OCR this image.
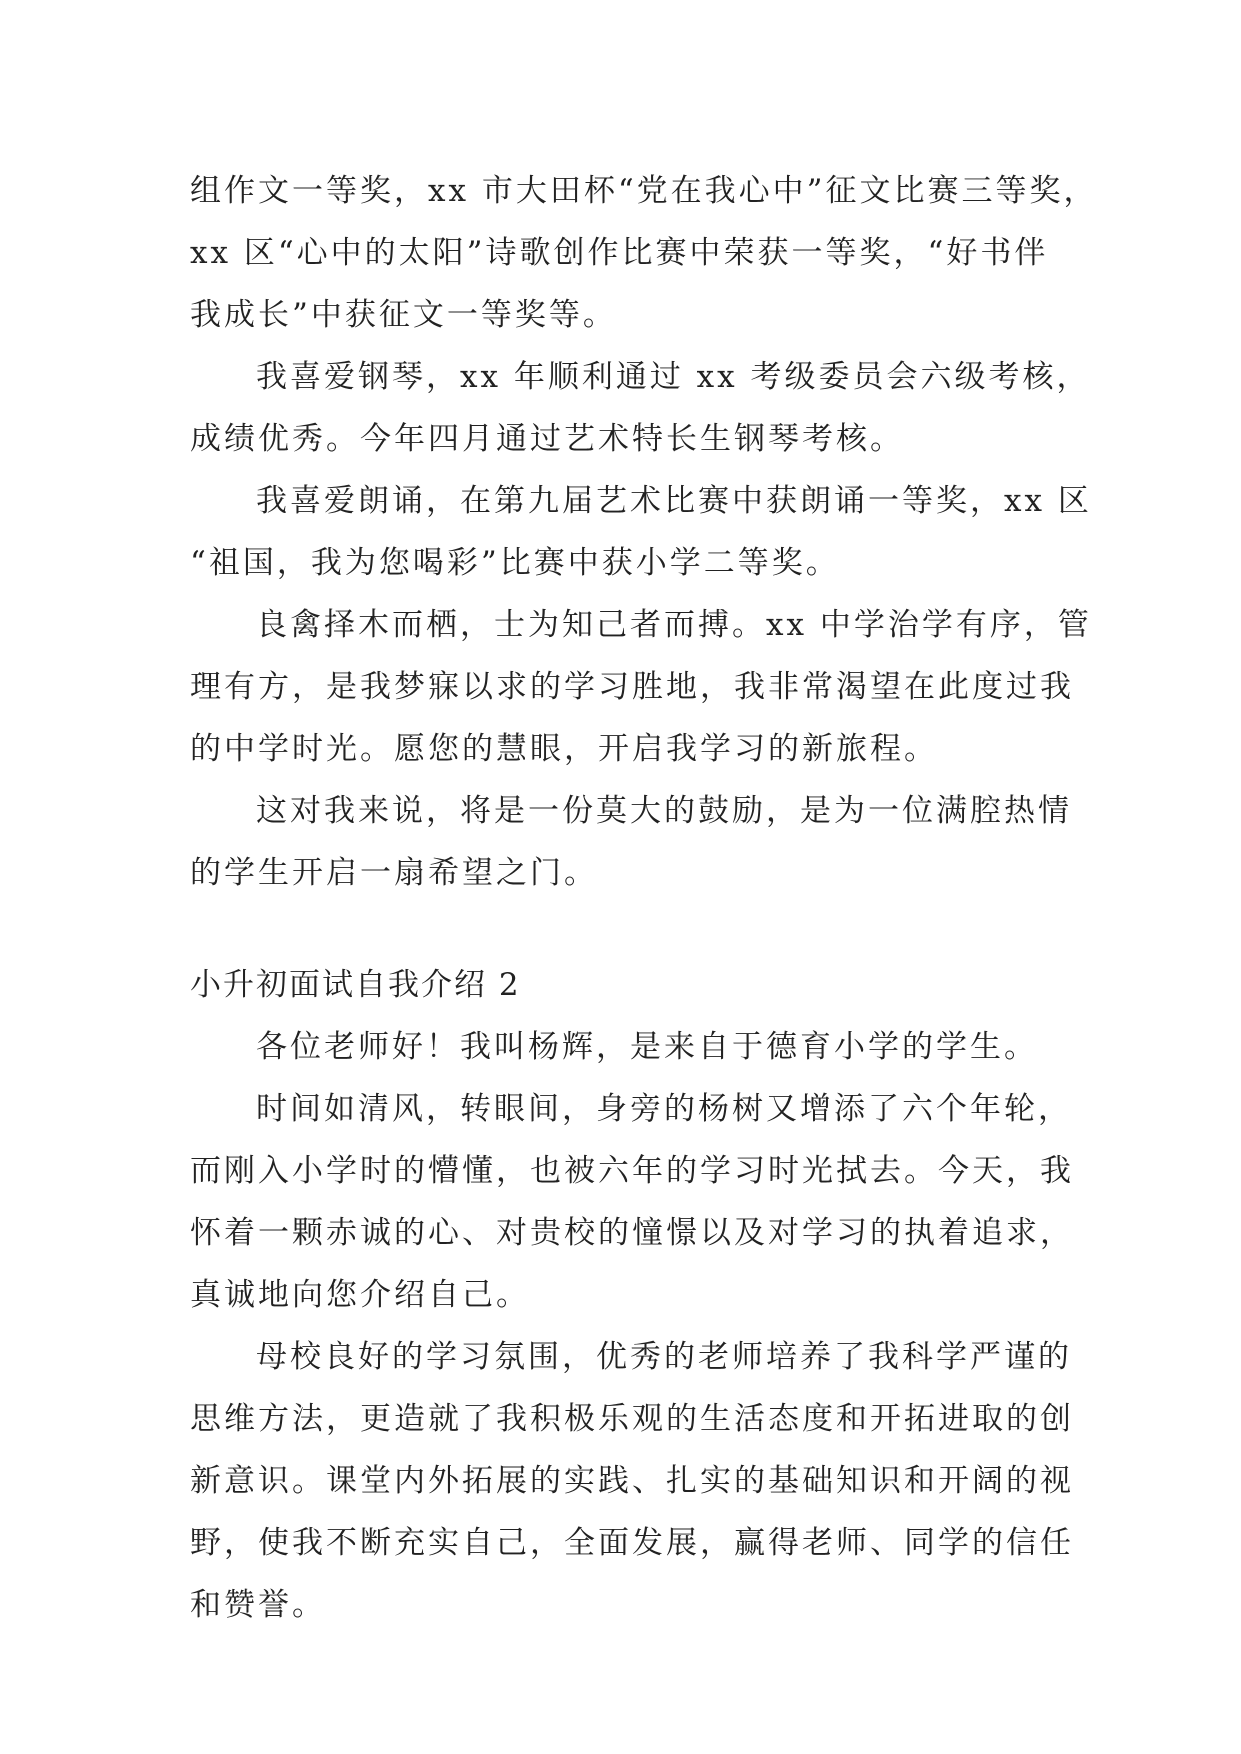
组作文一等奖，xx 市大田杯“党在我心中”征文比赛三等奖，
xx 区“心中的太阳”诗歌创作比赛中荣获一等奖，“好书伴
我成长”中获征文一等奖等。
我喜爱钢琴，xx 年顺利通过 xx 考级委员会六级考核，
成绩优秀。今年四月通过艺术特长生钢琴考核。
我喜爱朗诵，在第九届艺术比赛中获朗诵一等奖，xx 区
“祖国，我为您喝彩”比赛中获小学二等奖。
良禽择木而栖，士为知己者而搏。xx 中学治学有序，管
理有方，是我梦寐以求的学习胜地，我非常渴望在此度过我
的中学时光。愿您的慧眼，开启我学习的新旅程。
这对我来说，将是一份莫大的鼓励，是为一位满腔热情
的学生开启一扇希望之门。
小升初面试自我介绍 2
各位老师好！我叫杨辉，是来自于德育小学的学生。
时间如清风，转眼间，身旁的杨树又增添了六个年轮，
而刚入小学时的懵懂，也被六年的学习时光拭去。今天，我
怀着一颗赤诚的心、对贵校的憧憬以及对学习的执着追求，
真诚地向您介绍自己。
母校良好的学习氛围，优秀的老师培养了我科学严谨的
思维方法，更造就了我积极乐观的生活态度和开拓进取的创
新意识。课堂内外拓展的实践、扎实的基础知识和开阔的视
野，使我不断充实自己，全面发展，赢得老师、同学的信任
和赞誉。
